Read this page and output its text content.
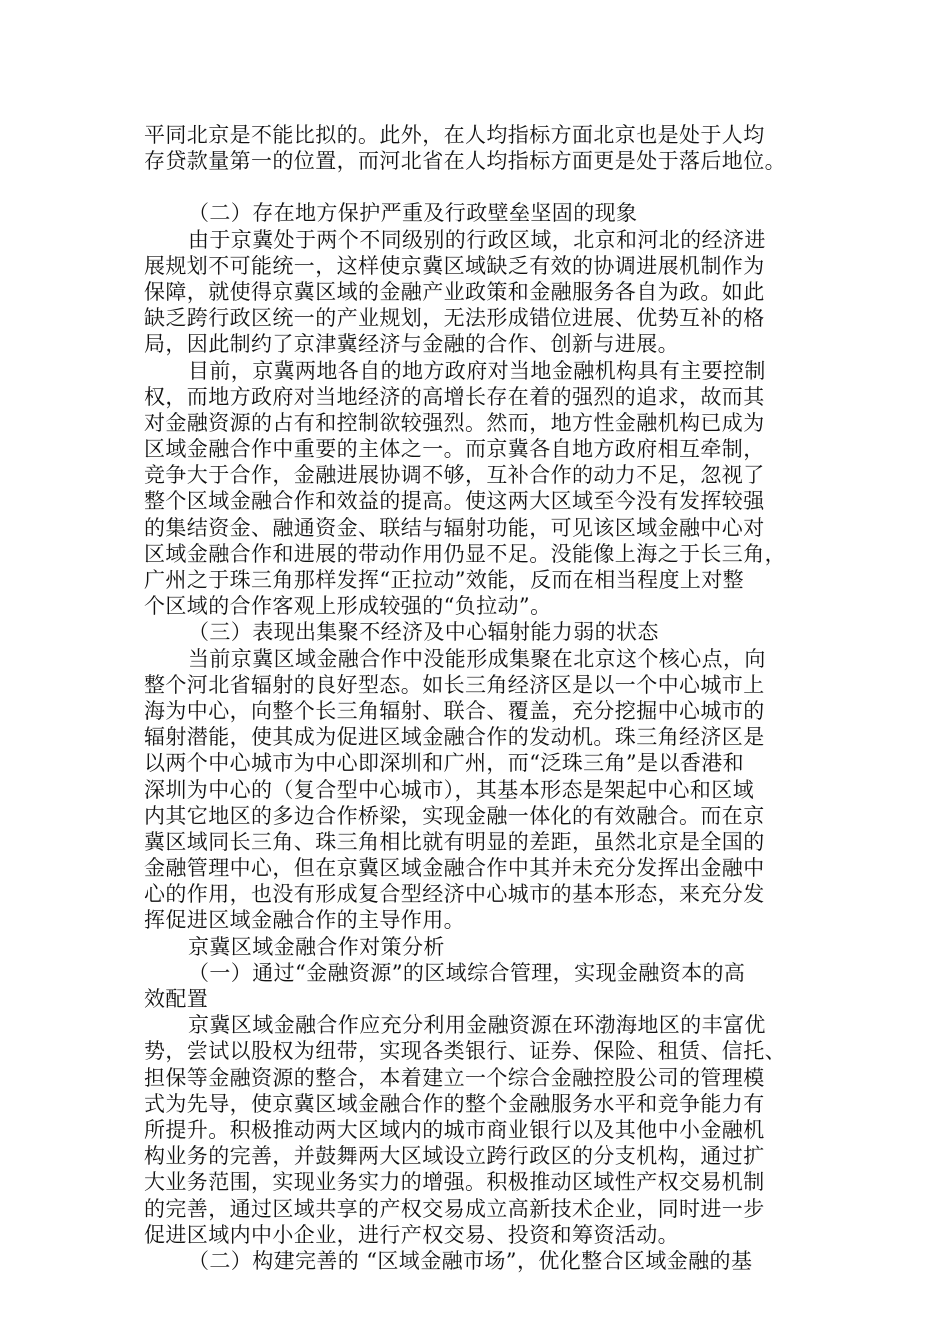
平同北京是不能比拟的。此外，在人均指标方面北京也是处于人均
存贷款量第一的位置，而河北省在人均指标方面更是处于落后地位。
（二）存在地方保护严重及行政壁垒坚固的现象
由于京冀处于两个不同级别的行政区域，北京和河北的经济进
展规划不可能统一，这样使京冀区域缺乏有效的协调进展机制作为
保障，就使得京冀区域的金融产业政策和金融服务各自为政。如此
缺乏跨行政区统一的产业规划，无法形成错位进展、优势互补的格
局，因此制约了京津冀经济与金融的合作、创新与进展。
目前，京冀两地各自的地方政府对当地金融机构具有主要控制
权，而地方政府对当地经济的高增长存在着的强烈的追求，故而其
对金融资源的占有和控制欲较强烈。然而，地方性金融机构已成为
区域金融合作中重要的主体之一。而京冀各自地方政府相互牵制，
竞争大于合作，金融进展协调不够，互补合作的动力不足，忽视了
整个区域金融合作和效益的提高。使这两大区域至今没有发挥较强
的集结资金、融通资金、联结与辐射功能，可见该区域金融中心对
区域金融合作和进展的带动作用仍显不足。没能像上海之于长三角，
广州之于珠三角那样发挥“正拉动”效能，反而在相当程度上对整
个区域的合作客观上形成较强的“负拉动”。
（三）表现出集聚不经济及中心辐射能力弱的状态
当前京冀区域金融合作中没能形成集聚在北京这个核心点，向
整个河北省辐射的良好型态。如长三角经济区是以一个中心城市上
海为中心，向整个长三角辐射、联合、覆盖，充分挖掘中心城市的
辐射潜能，使其成为促进区域金融合作的发动机。珠三角经济区是
以两个中心城市为中心即深圳和广州，而“泛珠三角”是以香港和
深圳为中心的（复合型中心城市），其基本形态是架起中心和区域
内其它地区的多边合作桥梁，实现金融一体化的有效融合。而在京
冀区域同长三角、珠三角相比就有明显的差距，虽然北京是全国的
金融管理中心，但在京冀区域金融合作中其并未充分发挥出金融中
心的作用，也没有形成复合型经济中心城市的基本形态，来充分发
挥促进区域金融合作的主导作用。
京冀区域金融合作对策分析
（一）通过“金融资源”的区域综合管理，实现金融资本的高
效配置
京冀区域金融合作应充分利用金融资源在环渤海地区的丰富优
势，尝试以股权为纽带，实现各类银行、证券、保险、租赁、信托、
担保等金融资源的整合，本着建立一个综合金融控股公司的管理模
式为先导，使京冀区域金融合作的整个金融服务水平和竞争能力有
所提升。积极推动两大区域内的城市商业银行以及其他中小金融机
构业务的完善，并鼓舞两大区域设立跨行政区的分支机构，通过扩
大业务范围，实现业务实力的增强。积极推动区域性产权交易机制
的完善，通过区域共享的产权交易成立高新技术企业，同时进一步
促进区域内中小企业，进行产权交易、投资和筹资活动。
（二）构建完善的 “区域金融市场”，优化整合区域金融的基
